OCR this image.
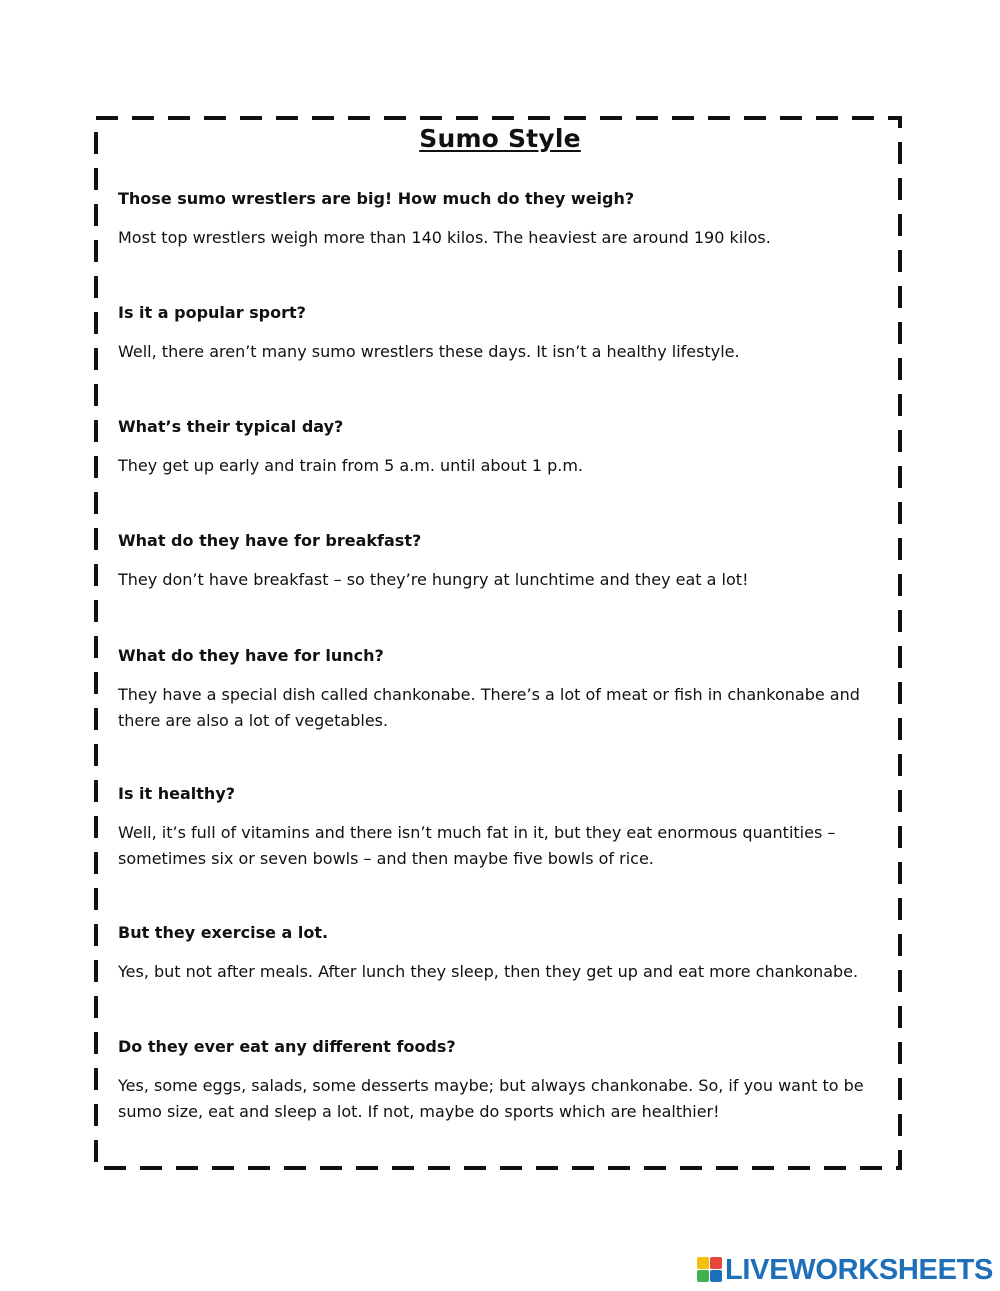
Sumo Style
Those sumo wrestlers are big! How much do they weigh?
Most top wrestlers weigh more than 140 kilos. The heaviest are around 190 kilos.
Is it a popular sport?
Well, there aren’t many sumo wrestlers these days. It isn’t a healthy lifestyle.
What’s their typical day?
They get up early and train from 5 a.m. until about 1 p.m.
What do they have for breakfast?
They don’t have breakfast – so they’re hungry at lunchtime and they eat a lot!
What do they have for lunch?
They have a special dish called chankonabe. There’s a lot of meat or fish in chankonabe and there are also a lot of vegetables.
Is it healthy?
Well, it’s full of vitamins and there isn’t much fat in it, but they eat enormous quantities – sometimes six or seven bowls – and then maybe five bowls of rice.
But they exercise a lot.
Yes, but not after meals. After lunch they sleep, then they get up and eat more chankonabe.
Do they ever eat any different foods?
Yes, some eggs, salads, some desserts maybe; but always chankonabe. So, if you want to be sumo size, eat and sleep a lot. If not, maybe do sports which are healthier!
LIVEWORKSHEETS
